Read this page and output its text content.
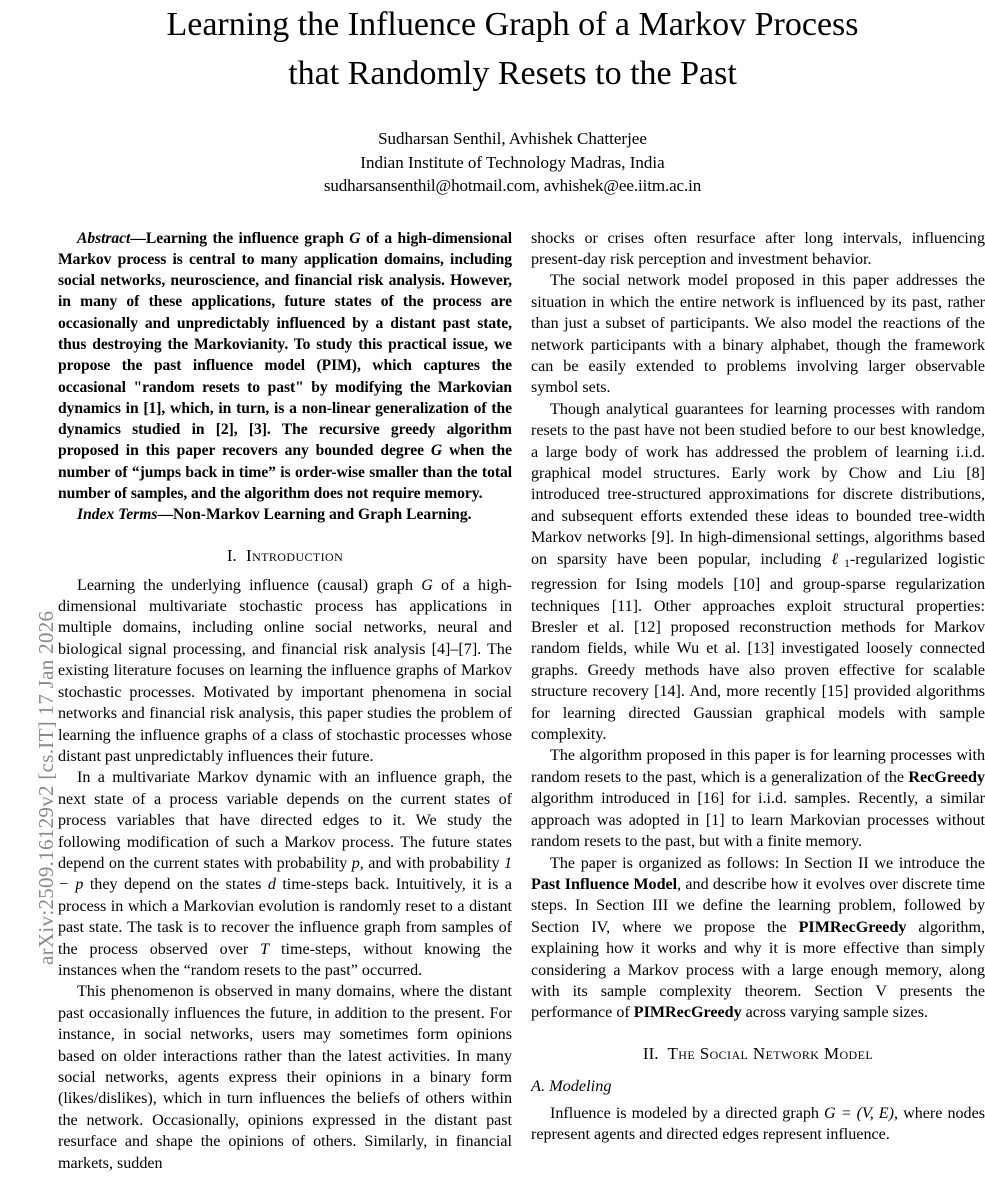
arXiv:2509.16129v2 [cs.IT] 17 Jan 2026
Learning the Influence Graph of a Markov Process
that Randomly Resets to the Past
Sudharsan Senthil, Avhishek Chatterjee
Indian Institute of Technology Madras, India
sudharsansenthil@hotmail.com, avhishek@ee.iitm.ac.in

Abstract—Learning the influence graph G of a high-dimensional Markov process is central to many application domains, including social networks, neuroscience, and financial risk analysis. However, in many of these applications, future states of the process are occasionally and unpredictably influenced by a distant past state, thus destroying the Markovianity. To study this practical issue, we propose the past influence model (PIM), which captures the occasional "random resets to past" by modifying the Markovian dynamics in [1], which, in turn, is a non-linear generalization of the dynamics studied in [2], [3]. The recursive greedy algorithm proposed in this paper recovers any bounded degree G when the number of “jumps back in time” is order-wise smaller than the total number of samples, and the algorithm does not require memory.

Index Terms—Non-Markov Learning and Graph Learning.

I. Introduction

Learning the underlying influence (causal) graph G of a high-dimensional multivariate stochastic process has applications in multiple domains, including online social networks, neural and biological signal processing, and financial risk analysis [4]–[7]. The existing literature focuses on learning the influence graphs of Markov stochastic processes. Motivated by important phenomena in social networks and financial risk analysis, this paper studies the problem of learning the influence graphs of a class of stochastic processes whose distant past unpredictably influences their future.

In a multivariate Markov dynamic with an influence graph, the next state of a process variable depends on the current states of process variables that have directed edges to it. We study the following modification of such a Markov process. The future states depend on the current states with probability p, and with probability 1 − p they depend on the states d time-steps back. Intuitively, it is a process in which a Markovian evolution is randomly reset to a distant past state. The task is to recover the influence graph from samples of the process observed over T time-steps, without knowing the instances when the “random resets to the past” occurred.

This phenomenon is observed in many domains, where the distant past occasionally influences the future, in addition to the present. For instance, in social networks, users may sometimes form opinions based on older interactions rather than the latest activities. In many social networks, agents express their opinions in a binary form (likes/dislikes), which in turn influences the beliefs of others within the network. Occasionally, opinions expressed in the distant past resurface and shape the opinions of others. Similarly, in financial markets, sudden

shocks or crises often resurface after long intervals, influencing present-day risk perception and investment behavior.

The social network model proposed in this paper addresses the situation in which the entire network is influenced by its past, rather than just a subset of participants. We also model the reactions of the network participants with a binary alphabet, though the framework can be easily extended to problems involving larger observable symbol sets.

Though analytical guarantees for learning processes with random resets to the past have not been studied before to our best knowledge, a large body of work has addressed the problem of learning i.i.d. graphical model structures. Early work by Chow and Liu [8] introduced tree-structured approximations for discrete distributions, and subsequent efforts extended these ideas to bounded tree-width Markov networks [9]. In high-dimensional settings, algorithms based on sparsity have been popular, including ℓ$_1$-regularized logistic regression for Ising models [10] and group-sparse regularization techniques [11]. Other approaches exploit structural properties: Bresler et al. [12] proposed reconstruction methods for Markov random fields, while Wu et al. [13] investigated loosely connected graphs. Greedy methods have also proven effective for scalable structure recovery [14]. And, more recently [15] provided algorithms for learning directed Gaussian graphical models with sample complexity.

The algorithm proposed in this paper is for learning processes with random resets to the past, which is a generalization of the RecGreedy algorithm introduced in [16] for i.i.d. samples. Recently, a similar approach was adopted in [1] to learn Markovian processes without random resets to the past, but with a finite memory.

The paper is organized as follows: In Section II we introduce the Past Influence Model, and describe how it evolves over discrete time steps. In Section III we define the learning problem, followed by Section IV, where we propose the PIMRecGreedy algorithm, explaining how it works and why it is more effective than simply considering a Markov process with a large enough memory, along with its sample complexity theorem. Section V presents the performance of PIMRecGreedy across varying sample sizes.

II. The Social Network Model
A. Modeling

Influence is modeled by a directed graph G = (V, E), where nodes represent agents and directed edges represent influence.
